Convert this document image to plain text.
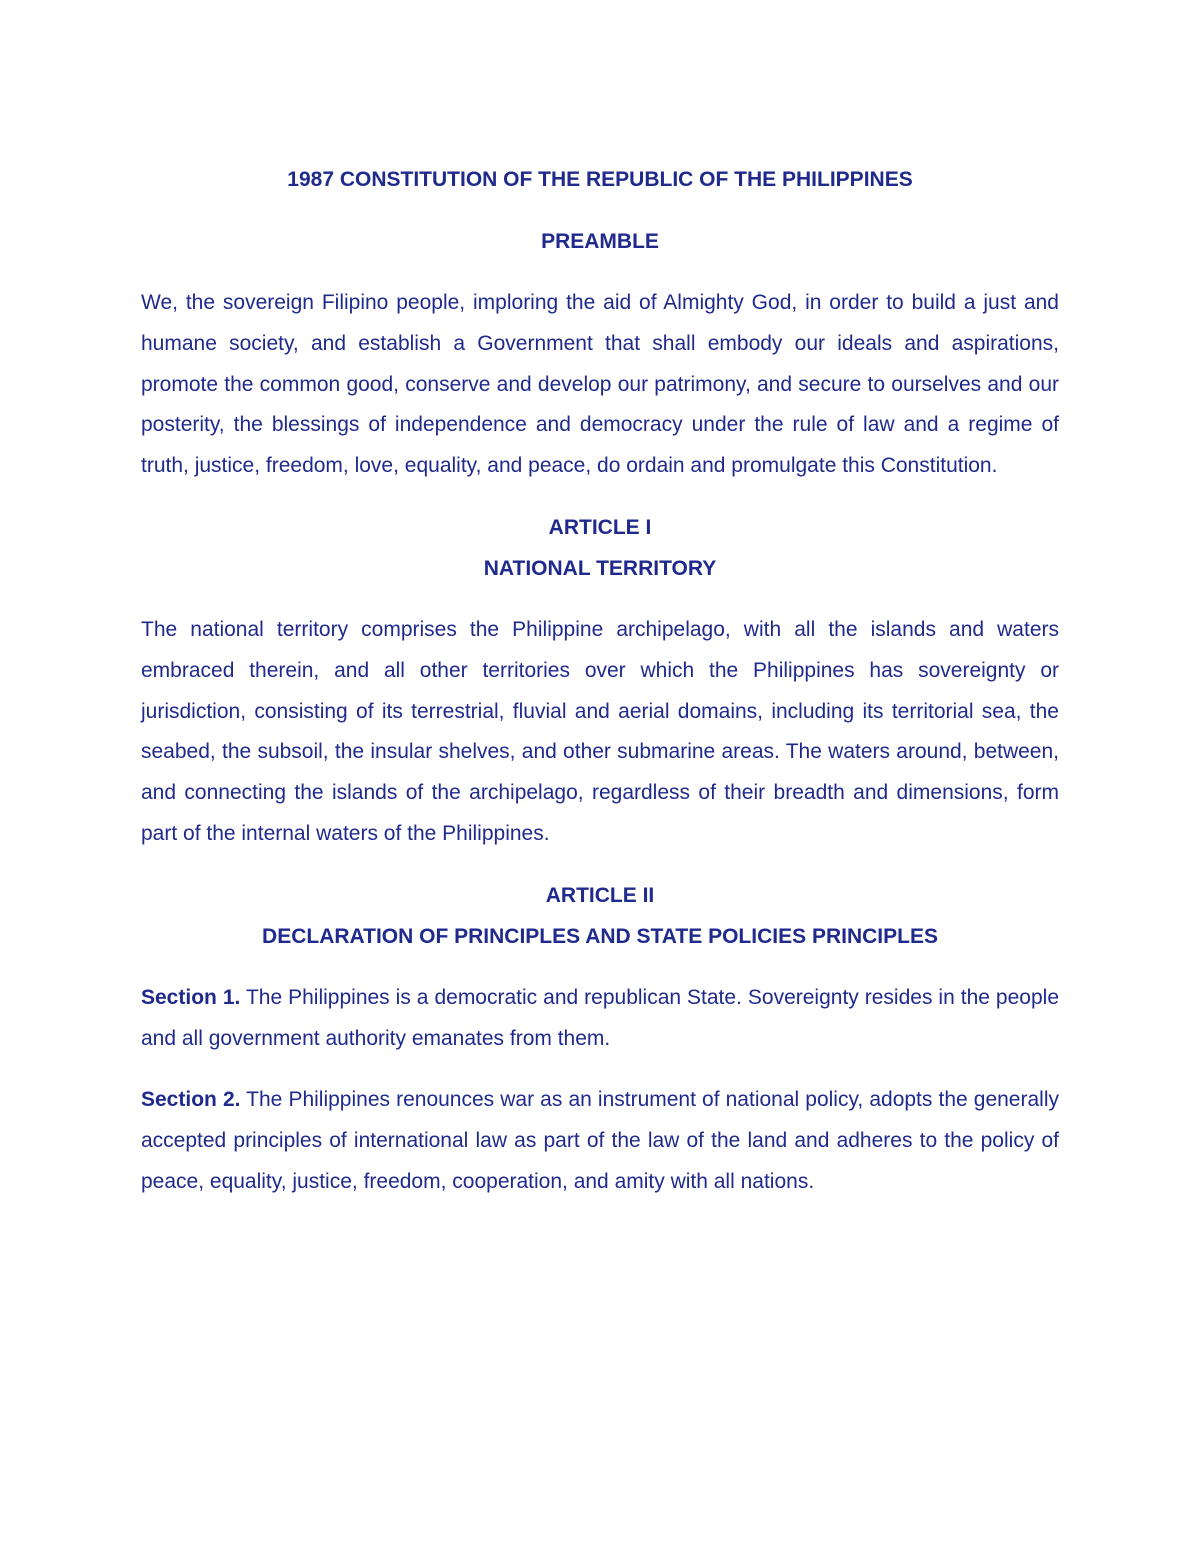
1987 CONSTITUTION OF THE REPUBLIC OF THE PHILIPPINES

PREAMBLE

We, the sovereign Filipino people, imploring the aid of Almighty God, in order to build a just and humane society, and establish a Government that shall embody our ideals and aspirations, promote the common good, conserve and develop our patrimony, and secure to ourselves and our posterity, the blessings of independence and democracy under the rule of law and a regime of truth, justice, freedom, love, equality, and peace, do ordain and promulgate this Constitution.

ARTICLE I

NATIONAL TERRITORY

The national territory comprises the Philippine archipelago, with all the islands and waters embraced therein, and all other territories over which the Philippines has sovereignty or jurisdiction, consisting of its terrestrial, fluvial and aerial domains, including its territorial sea, the seabed, the subsoil, the insular shelves, and other submarine areas. The waters around, between, and connecting the islands of the archipelago, regardless of their breadth and dimensions, form part of the internal waters of the Philippines.

ARTICLE II

DECLARATION OF PRINCIPLES AND STATE POLICIES PRINCIPLES

Section 1. The Philippines is a democratic and republican State. Sovereignty resides in the people and all government authority emanates from them.

Section 2. The Philippines renounces war as an instrument of national policy, adopts the generally accepted principles of international law as part of the law of the land and adheres to the policy of peace, equality, justice, freedom, cooperation, and amity with all nations.
